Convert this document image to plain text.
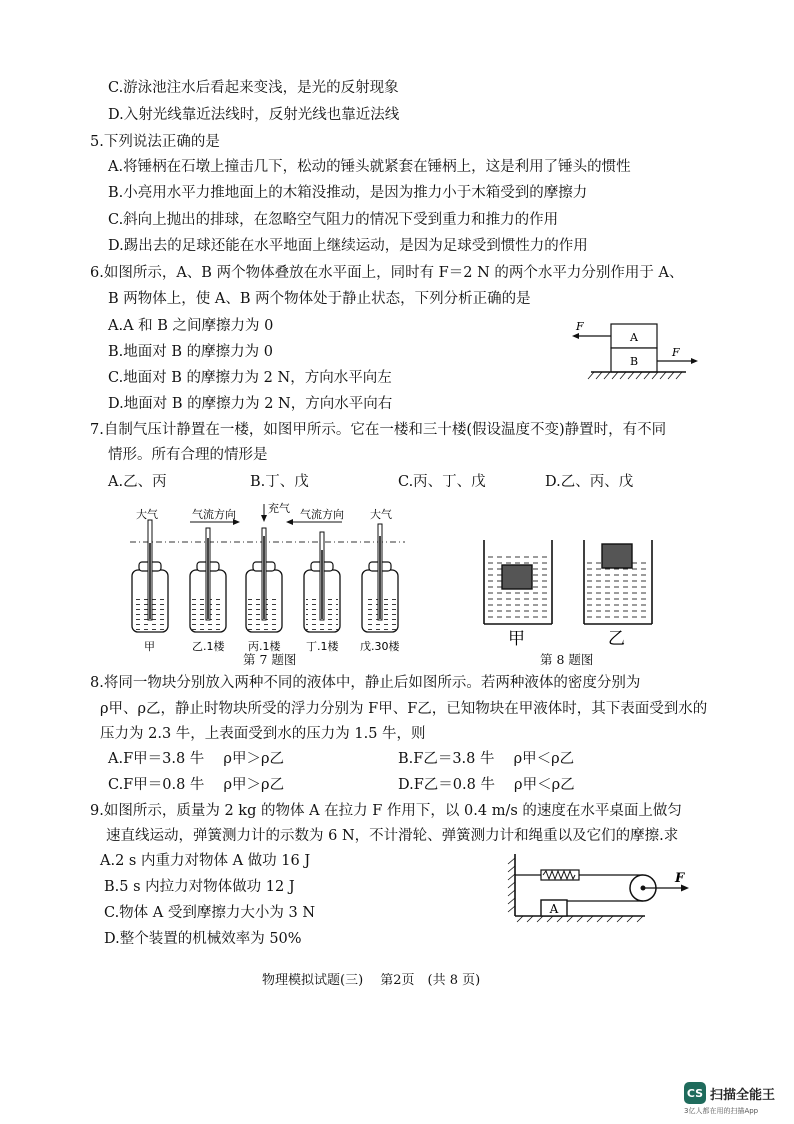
C.游泳池注水后看起来变浅，是光的反射现象
D.入射光线靠近法线时，反射光线也靠近法线
5.下列说法正确的是
A.将锤柄在石墩上撞击几下，松动的锤头就紧套在锤柄上，这是利用了锤头的惯性
B.小亮用水平力推地面上的木箱没推动，是因为推力小于木箱受到的摩擦力
C.斜向上抛出的排球，在忽略空气阻力的情况下受到重力和推力的作用
D.踢出去的足球还能在水平地面上继续运动，是因为足球受到惯性力的作用
6.如图所示，A、B 两个物体叠放在水平面上，同时有 F＝2 N 的两个水平力分别作用于 A、
B 两物体上，使 A、B 两个物体处于静止状态，下列分析正确的是
A.A 和 B 之间摩擦力为 0
B.地面对 B 的摩擦力为 0
C.地面对 B 的摩擦力为 2 N，方向水平向左
D.地面对 B 的摩擦力为 2 N，方向水平向右
7.自制气压计静置在一楼，如图甲所示。它在一楼和三十楼(假设温度不变)静置时，有不同
情形。所有合理的情形是
A.乙、丙	B.丁、戊	C.丙、丁、戊	D.乙、丙、戊
A
B
F
F
大气	气流方向	充气 气流方向 大气
甲	乙.1楼 丙.1楼 丁.1楼 戊.30楼
第 7 题图
甲	乙
第 8 题图
8.将同一物块分别放入两种不同的液体中，静止后如图所示。若两种液体的密度分别为
ρ甲、ρ乙，静止时物块所受的浮力分别为 F甲、F乙，已知物块在甲液体时，其下表面受到水的
压力为 2.3 牛，上表面受到水的压力为 1.5 牛，则
A.F甲＝3.8 牛　 ρ甲＞ρ乙	B.F乙＝3.8 牛　 ρ甲＜ρ乙
C.F甲＝0.8 牛　 ρ甲＞ρ乙	D.F乙＝0.8 牛　 ρ甲＜ρ乙
9.如图所示，质量为 2 kg 的物体 A 在拉力 F 作用下，以 0.4 m/s 的速度在水平桌面上做匀
速直线运动，弹簧测力计的示数为 6 N，不计滑轮、弹簧测力计和绳重以及它们的摩擦.求
A.2 s 内重力对物体 A 做功 16 J
B.5 s 内拉力对物体做功 12 J
C.物体 A 受到摩擦力大小为 3 N
D.整个装置的机械效率为 50%
F
A
物理模拟试题(三)　 第2页　(共 8 页)
CS 扫描全能王
3亿人都在用的扫描App
